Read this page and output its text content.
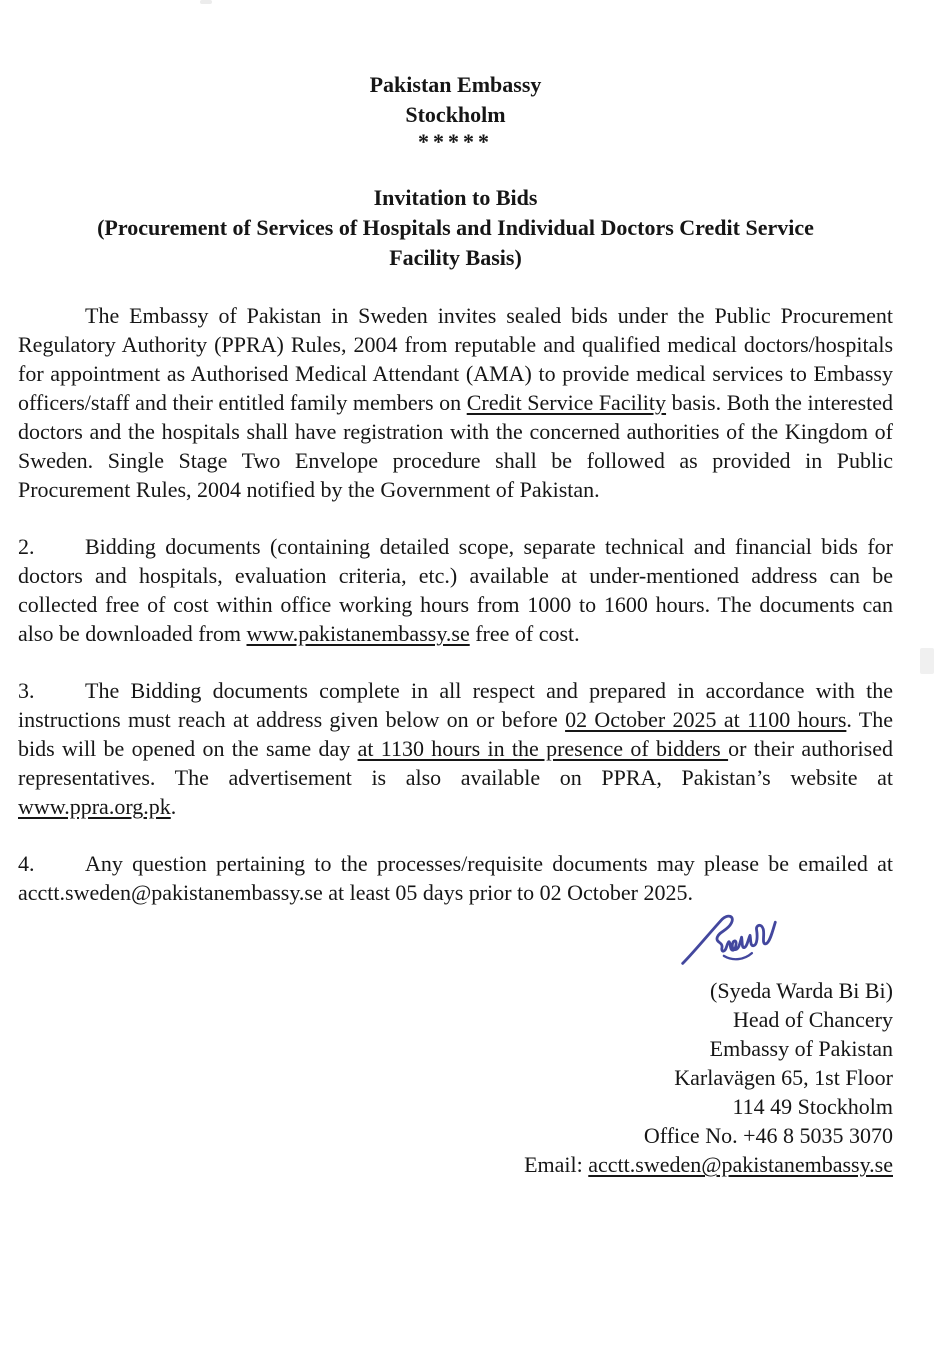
Pakistan Embassy
Stockholm
*****
Invitation to Bids
(Procurement of Services of Hospitals and Individual Doctors Credit Service
Facility Basis)

The Embassy of Pakistan in Sweden invites sealed bids under the Public Procurement Regulatory Authority (PPRA) Rules, 2004 from reputable and qualified medical doctors/hospitals for appointment as Authorised Medical Attendant (AMA) to provide medical services to Embassy officers/staff and their entitled family members on Credit Service Facility basis. Both the interested doctors and the hospitals shall have registration with the concerned authorities of the Kingdom of Sweden. Single Stage Two Envelope procedure shall be followed as provided in Public Procurement Rules, 2004 notified by the Government of Pakistan.

2. Bidding documents (containing detailed scope, separate technical and financial bids for doctors and hospitals, evaluation criteria, etc.) available at under-mentioned address can be collected free of cost within office working hours from 1000 to 1600 hours. The documents can also be downloaded from www.pakistanembassy.se free of cost.

3. The Bidding documents complete in all respect and prepared in accordance with the instructions must reach at address given below on or before 02 October 2025 at 1100 hours. The bids will be opened on the same day at 1130 hours in the presence of bidders or their authorised representatives. The advertisement is also available on PPRA, Pakistan’s website at www.ppra.org.pk.

4. Any question pertaining to the processes/requisite documents may please be emailed at acctt.sweden@pakistanembassy.se at least 05 days prior to 02 October 2025.

(Syeda Warda Bi Bi)
Head of Chancery
Embassy of Pakistan
Karlavägen 65, 1st Floor
114 49 Stockholm
Office No. +46 8 5035 3070
Email: acctt.sweden@pakistanembassy.se
